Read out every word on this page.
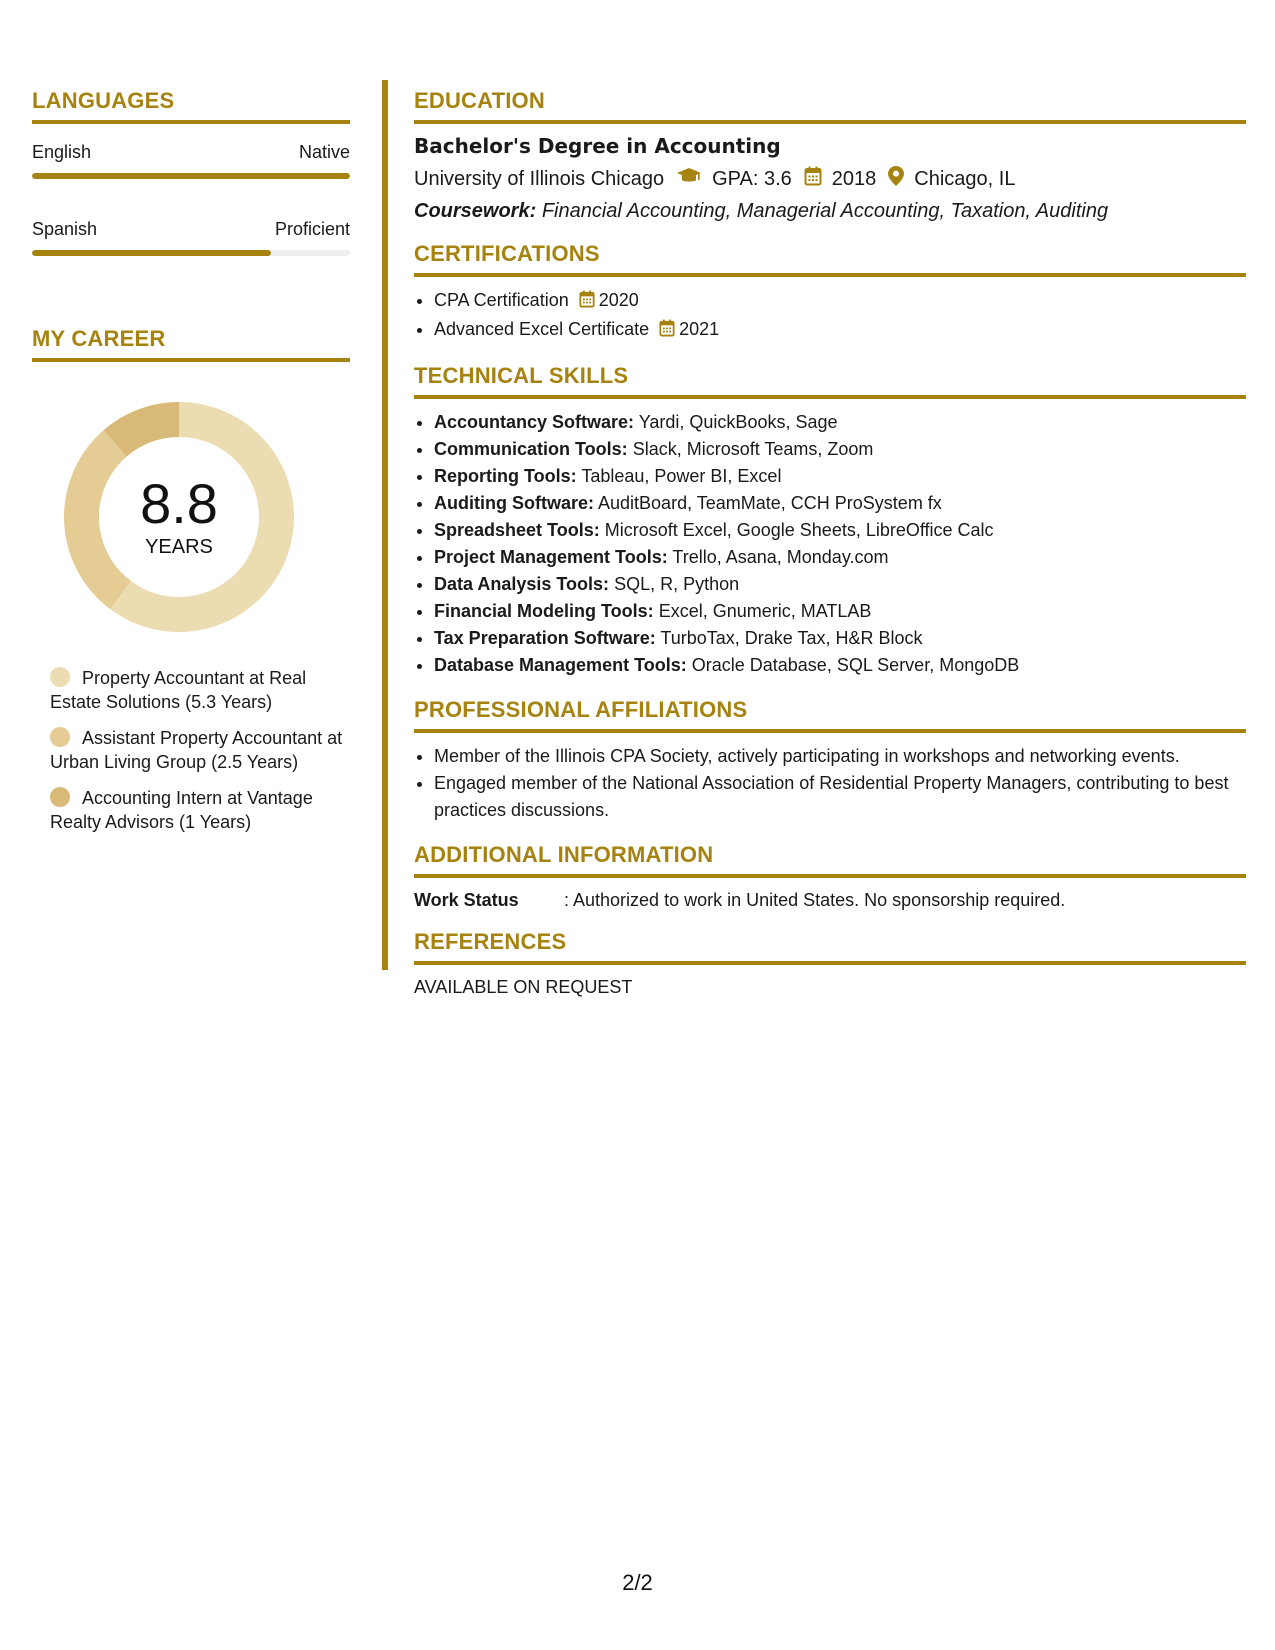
LANGUAGES
English	Native
Spanish	Proficient
MY CAREER
8.8
YEARS
Property Accountant at Real Estate Solutions (5.3 Years)
Assistant Property Accountant at Urban Living Group (2.5 Years)
Accounting Intern at Vantage Realty Advisors (1 Years)
EDUCATION
Bachelor's Degree in Accounting
University of Illinois Chicago GPA: 3.6 2018 Chicago, IL
Coursework: Financial Accounting, Managerial Accounting, Taxation, Auditing
CERTIFICATIONS
• CPA Certification 2020
• Advanced Excel Certificate 2021
TECHNICAL SKILLS
• Accountancy Software: Yardi, QuickBooks, Sage
• Communication Tools: Slack, Microsoft Teams, Zoom
• Reporting Tools: Tableau, Power BI, Excel
• Auditing Software: AuditBoard, TeamMate, CCH ProSystem fx
• Spreadsheet Tools: Microsoft Excel, Google Sheets, LibreOffice Calc
• Project Management Tools: Trello, Asana, Monday.com
• Data Analysis Tools: SQL, R, Python
• Financial Modeling Tools: Excel, Gnumeric, MATLAB
• Tax Preparation Software: TurboTax, Drake Tax, H&R Block
• Database Management Tools: Oracle Database, SQL Server, MongoDB
PROFESSIONAL AFFILIATIONS
• Member of the Illinois CPA Society, actively participating in workshops and networking events.
• Engaged member of the National Association of Residential Property Managers, contributing to best practices discussions.
ADDITIONAL INFORMATION
Work Status	: Authorized to work in United States. No sponsorship required.
REFERENCES
AVAILABLE ON REQUEST
2/2
